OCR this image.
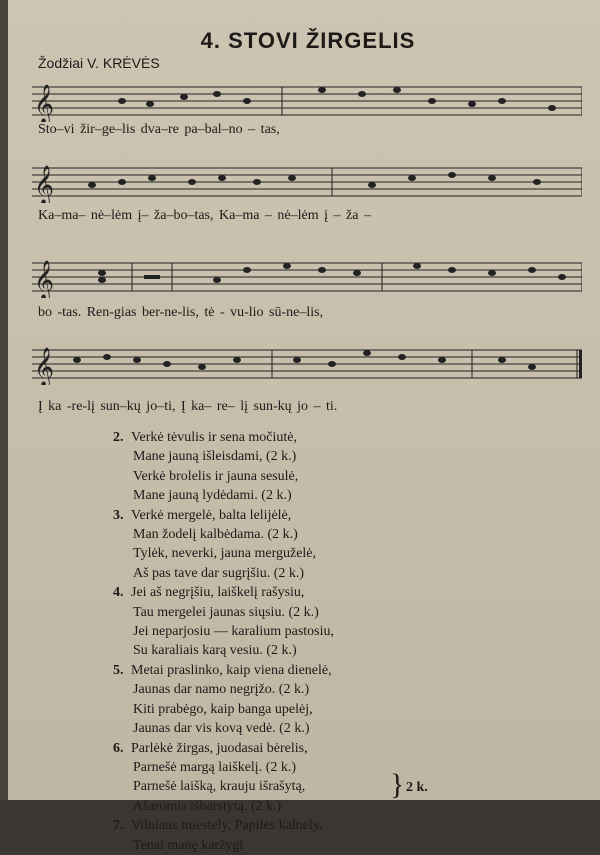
4. STOVI ŽIRGELIS
Žodžiai V. KRĖVĖS
𝄞
Sto–vi žir–ge–lis dva–re pa–bal–no – tas,
𝄞
Ka–ma– nė–lėm į– ža–bo–tas, Ka–ma – nė–lėm į – ža –
𝄞
bo -tas. Ren-gias ber-ne-lis, tė - vu-lio sū-ne–lis,
𝄞
Į ka -re-lį sun–kų jo–ti, Į ka– re– lį sun-kų jo – ti.
2. Verkė tėvulis ir sena močiutė,
Mane jauną išleisdami, (2 k.)
Verkė brolelis ir jauna sesulė,
Mane jauną lydėdami. (2 k.)
3. Verkė mergelė, balta lelijėlė,
Man žodelį kalbėdama. (2 k.)
Tylėk, neverki, jauna merguželė,
Aš pas tave dar sugrįšiu. (2 k.)
4. Jei aš negrįšiu, laiškelį rašysiu,
Tau mergelei jaunas siųsiu. (2 k.)
Jei neparjosiu — karalium pastosiu,
Su karaliais karą vesiu. (2 k.)
5. Metai praslinko, kaip viena dienelė,
Jaunas dar namo negrįžo. (2 k.)
Kiti prabėgo, kaip banga upelėj,
Jaunas dar vis kovą vedė. (2 k.)
6. Parlėkė žirgas, juodasai bėrelis,
Parnešė margą laiškelį. (2 k.)
Parnešė laišką, krauju išrašytą,
Ašaromis išbarstytą. (2 k.)
7. Vilniaus miestely, Papilės kalnely,
Tenai manę karžygi
} 2 k.
